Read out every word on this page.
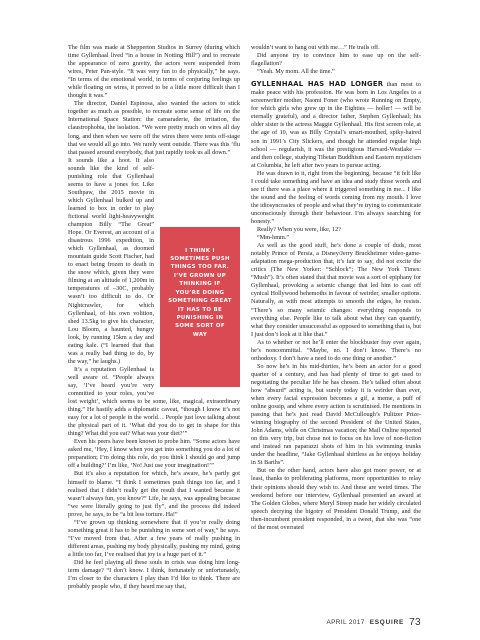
The film was made at Shepperton Studios in Surrey (during which time Gyllenhaal lived “in a house in Notting Hill”) and to recreate the appearance of zero gravity, the actors were suspended from wires, Peter Pan-style. “It was very fun to do physically,” he says. “In terms of the emotional world, in terms of conjuring feelings up while floating on wires, it proved to be a little more difficult than I thought it was.”

The director, Daniel Espinosa, also wanted the actors to stick together as much as possible, to recreate some sense of life on the International Space Station: the camaraderie, the irritation, the claustrophobia, the isolation. “We were pretty much on wires all day long, and then when we were off the wires there were tents off-stage that we would all go into. We rarely went outside. There was this ’flu that passed around everybody, that just rapidly took us all down.”

I THINK I SOMETIMES PUSH THINGS TOO FAR. I’VE GROWN UP THINKING IF YOU’RE DOING SOMETHING GREAT IT HAS TO BE PUNISHING IN SOME SORT OF WAY

It sounds like a hoot. It also sounds like the kind of self-punishing role that Gyllenhaal seems to have a jones for. Like Southpaw, the 2015 movie in which Gyllenhaal bulked up and learned to box in order to play fictional world light-heavyweight champion Billy “The Great” Hope. Or Everest, an account of a disastrous 1996 expedition, in which Gyllenhaal, as doomed mountain guide Scott Fischer, had to enact being frozen to death in the snow which, given they were filming at an altitude of 1,200m in temperatures of –30C, probably wasn’t too difficult to do. Or Nightcrawler, for which Gyllenhaal, of his own volition, shed 13.5kg to give his character, Lou Bloom, a haunted, hungry look, by running 15km a day and eating kale. (“I learned that that was a really bad thing to do, by the way,” he laughs.)

It’s a reputation Gyllenhaal is well aware of. “People always say, ‘I’ve heard you’re very committed to your roles, you’ve lost weight’, which seems to be some, like, magical, extraordinary thing.” He hastily adds a diplomatic caveat, “though I know it’s not easy for a lot of people in the world… People just love talking about the physical part of it. ‘What did you do to get in shape for this thing? What did you eat? What was your diet?’”

Even his peers have been known to probe him. “Some actors have asked me, ‘Hey, I know when you get into something you do a lot of preparation; I’m doing this role, do you think I should go and jump off a building?’ I’m like, ‘No! Just use your imagination!’”

But it’s also a reputation for which, he’s aware, he’s partly got himself to blame. “I think I sometimes push things too far, and I realised that I didn’t really get the result that I wanted because it wasn’t always fun, you know?” Life, he says, was appealing because “we were literally going to just fly”, and the process did indeed prove, he says, to be “a bit less torture. Ha!”

“I’ve grown up thinking somewhere that if you’re really doing something great it has to be punishing in some sort of way,” he says. “I’ve moved from that. After a few years of really pushing in different areas, pushing my body physically, pushing my mind, going a little too far, I’ve realised that joy is a huge part of it.”

Did he feel playing all these souls in crisis was doing him long-term damage? “I don’t know. I think, fortunately or unfortunately, I’m closer to the characters I play than I’d like to think. There are probably people who, if they heard me say that,

wouldn’t want to hang out with me…” He trails off.

Did anyone try to convince him to ease up on the self-flagellation?

“Yeah. My mom. All the time.”

GYLLENHAAL HAS HAD LONGER than most to make peace with his profession. He was born in Los Angeles to a screenwriter mother, Naomi Foner (who wrote Running on Empty, for which girls who grew up in the Eighties — holler! — will be eternally grateful), and a director father, Stephen Gyllenhaal; his older sister is the actress Maggie Gyllenhaal. His first screen role, at the age of 10, was as Billy Crystal’s smart-mouthed, spiky-haired son in 1991’s City Slickers, and though he attended regular high school — regularish, it was the prestigious Harvard-Westlake — and then college, studying Tibetan Buddhism and Eastern mysticism at Columbia, he left after two years to pursue acting.

He was drawn to it, right from the beginning, because “it felt like I could take something and have an idea and study those words and see if there was a place where it triggered something in me... I like the sound and the feeling of words coming from my mouth. I love the idiosyncrasies of people and what they’re trying to communicate unconsciously through their behaviour. I’m always searching for honesty.”

Really? When you were, like, 12?

“Mm-hmm.”

As well as the good stuff, he’s done a couple of duds, most notably Prince of Persia, a Disney/Jerry Bruckheimer video-game-adaptation mega-production that, it’s fair to say, did not excite the critics (The New Yorker: “Schlock”; The New York Times: “Mush”). It’s often stated that that movie was a sort of epiphany for Gyllenhaal, provoking a seismic change that led him to cast off cynical Hollywood behemoths in favour of weirder, smaller options. Naturally, as with most attempts to smooth the edges, he resists. “There’s so many seismic changes: everything responds to everything else. People like to talk about what they can quantify, what they consider unsuccessful as opposed to something that is, but I just don’t look at it like that.”

As to whether or not he’ll enter the blockbuster fray ever again, he’s noncommittal. “Maybe, no. I don’t know. There’s no orthodoxy. I don’t have a need to do one thing or another.”

So now he’s in his mid-thirties, he’s been an actor for a good quarter of a century, and has had plenty of time to get used to negotiating the peculiar life he has chosen. He’s talked often about how “absurd” acting is, but surely today it is weirder than ever, when every facial expression becomes a gif, a meme, a puff of online gossip, and where every action is scrutinised. He mentions in passing that he’s just read David McCullough’s Pulitzer Prize-winning biography of the second President of the United States, John Adams, while on Christmas vacation; the Mail Online reported on this very trip, but chose not to focus on his love of non-fiction and instead ran paparazzi shots of him in his swimming trunks under the headline, “Jake Gyllenhaal shirtless as he enjoys holiday in St Barths”.

But on the other hand, actors have also got more power, or at least, thanks to proliferating platforms, more opportunities to relay their opinions should they wish to. And these are weird times. The weekend before our interview, Gyllenhaal presented an award at The Golden Globes, where Meryl Streep made her widely circulated speech decrying the bigotry of President Donald Trump, and the then-incumbent president responded, in a tweet, that she was “one of the most overrated

APRIL 2017 ESQUIRE 73
